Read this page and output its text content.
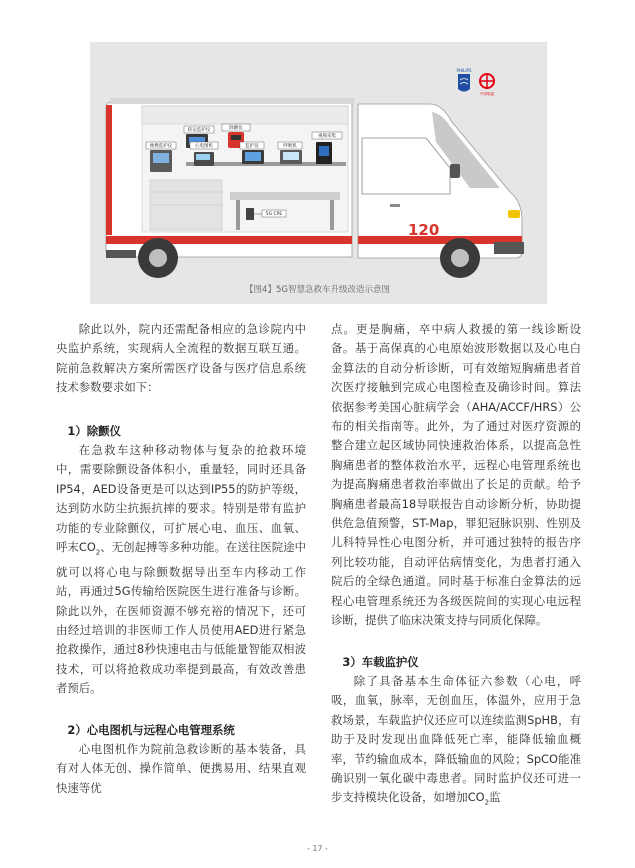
PHILIPS
中国联通
120
转运监护仪	除颤仪
便携监护仪	心电图机	监护仪	呼吸机
视频采集
5G CPE
【图4】5G智慧急救车升级改造示意图

除此以外，院内还需配备相应的急诊院内中央监护系统，实现病人全流程的数据互联互通。院前急救解决方案所需医疗设备与医疗信息系统技术参数要求如下：

1）除颤仪

在急救车这种移动物体与复杂的抢救环境中，需要除颤设备体积小，重量轻，同时还具备IP54，AED设备更是可以达到IP55的防护等级，达到防水防尘抗振抗摔的要求。特别是带有监护功能的专业除颤仪，可扩展心电、血压、血氧、呼末$CO_2$、无创起搏等多种功能。在送往医院途中就可以将心电与除颤数据导出至车内移动工作站，再通过5G传输给医院医生进行准备与诊断。除此以外，在医师资源不够充裕的情况下，还可由经过培训的非医师工作人员使用AED进行紧急抢救操作，通过8秒快速电击与低能量智能双相波技术，可以将抢救成功率提到最高，有效改善患者预后。

2）心电图机与远程心电管理系统

心电图机作为院前急救诊断的基本装备，具有对人体无创、操作简单、便携易用、结果直观快速等优

点。更是胸痛，卒中病人救援的第一线诊断设备。基于高保真的心电原始波形数据以及心电白金算法的自动分析诊断，可有效缩短胸痛患者首次医疗接触到完成心电图检查及确诊时间。算法依据参考美国心脏病学会（AHA/ACCF/HRS）公布的相关指南等。此外，为了通过对医疗资源的整合建立起区域协同快速救治体系，以提高急性胸痛患者的整体救治水平，远程心电管理系统也为提高胸痛患者救治率做出了长足的贡献。给予胸痛患者最高18导联报告自动诊断分析，协助提供危急值预警，ST-Map，罪犯冠脉识别、性别及儿科特异性心电图分析，并可通过独特的报告序列比较功能，自动评估病情变化，为患者打通入院后的全绿色通道。同时基于标准白金算法的远程心电管理系统还为各级医院间的实现心电远程诊断，提供了临床决策支持与同质化保障。

3）车载监护仪

除了具备基本生命体征六参数（心电，呼吸，血氧，脉率，无创血压，体温外，应用于急救场景，车载监护仪还应可以连续监测SpHB，有助于及时发现出血降低死亡率，能降低输血概率，节约输血成本，降低输血的风险；SpCO能准确识别一氧化碳中毒患者。同时监护仪还可进一步支持模块化设备，如增加$CO_2$监

- 17 -
